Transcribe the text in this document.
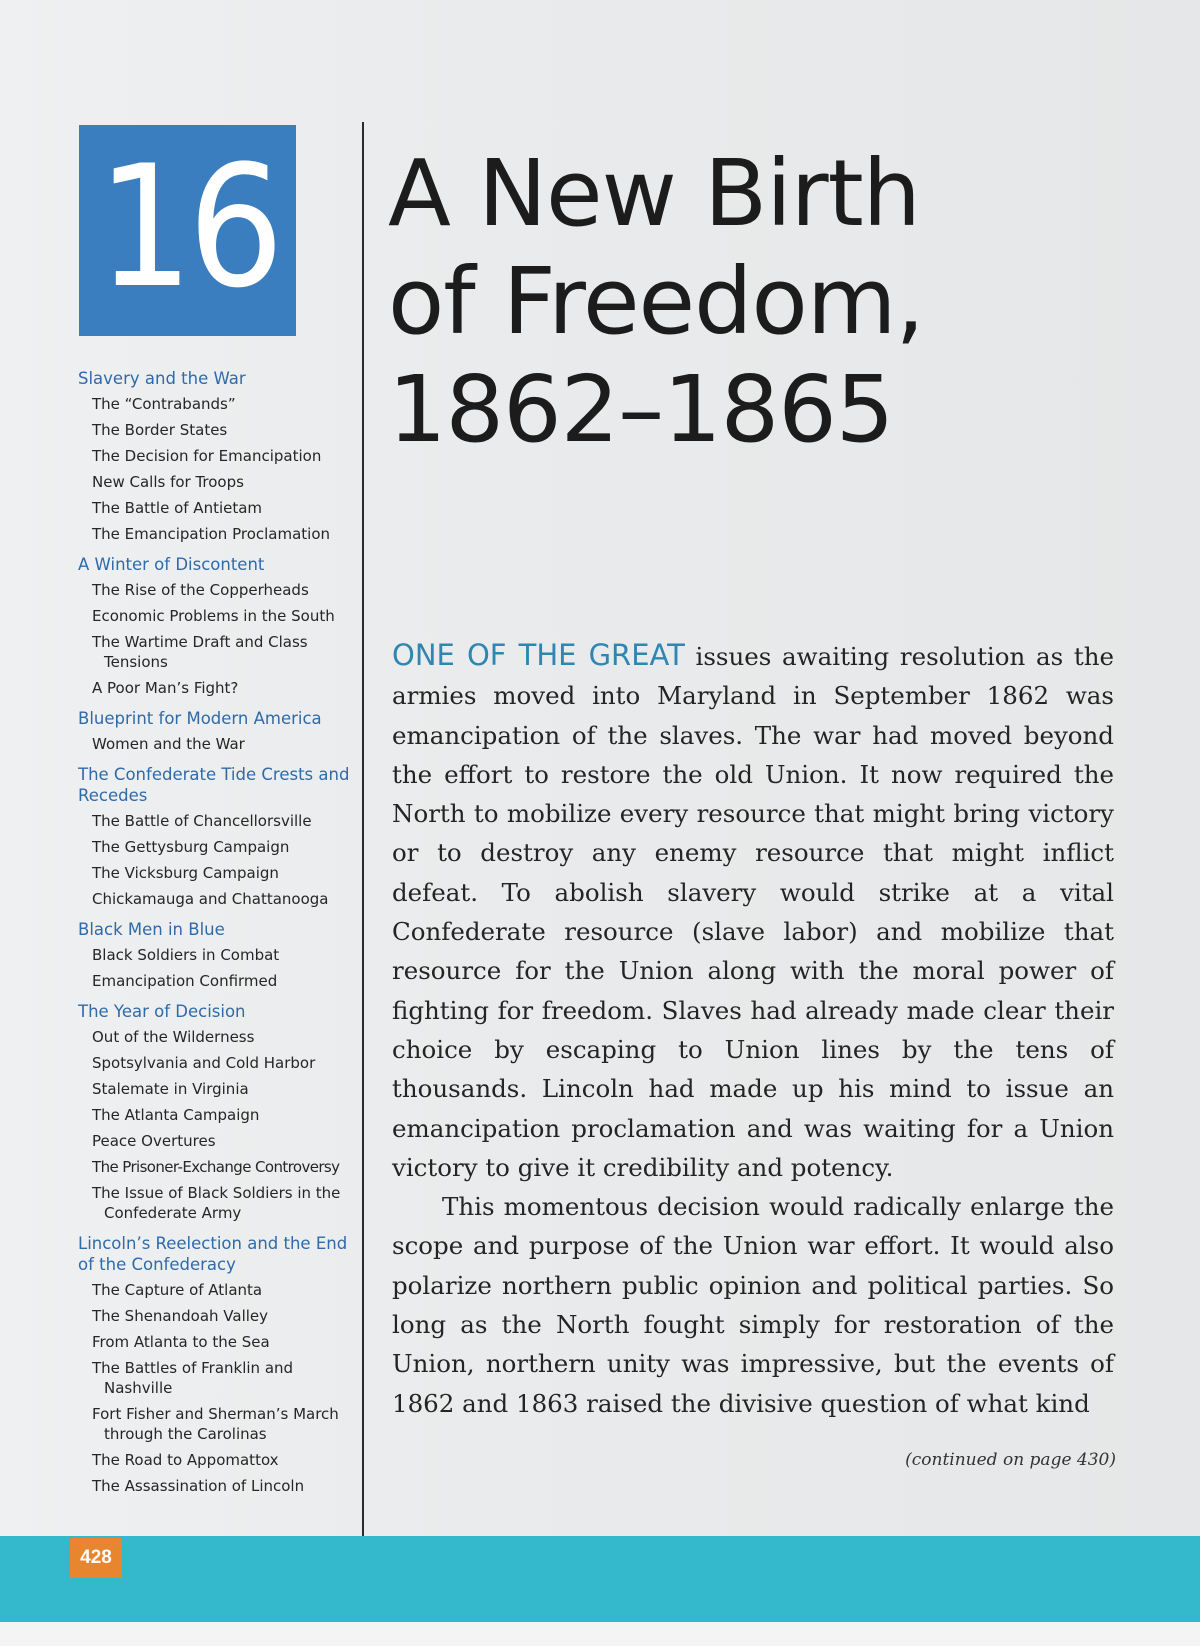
16 A New Birth
of Freedom,
1862–1865
Slavery and the War
The “Contrabands”
The Border States
The Decision for Emancipation
New Calls for Troops
The Battle of Antietam
The Emancipation Proclamation
A Winter of Discontent
The Rise of the Copperheads
Economic Problems in the South
The Wartime Draft and Class Tensions
A Poor Man’s Fight?
Blueprint for Modern America
Women and the War
The Confederate Tide Crests and Recedes
The Battle of Chancellorsville
The Gettysburg Campaign
The Vicksburg Campaign
Chickamauga and Chattanooga
Black Men in Blue
Black Soldiers in Combat
Emancipation Confirmed
The Year of Decision
Out of the Wilderness
Spotsylvania and Cold Harbor
Stalemate in Virginia
The Atlanta Campaign
Peace Overtures
The Prisoner-Exchange Controversy
The Issue of Black Soldiers in the Confederate Army
Lincoln’s Reelection and the End of the Confederacy
The Capture of Atlanta
The Shenandoah Valley
From Atlanta to the Sea
The Battles of Franklin and Nashville
Fort Fisher and Sherman’s March through the Carolinas
The Road to Appomattox
The Assassination of Lincoln

ONE OF THE GREAT issues awaiting resolution as the armies moved into Maryland in September 1862 was emancipation of the slaves. The war had moved beyond the effort to restore the old Union. It now required the North to mobilize every resource that might bring victory or to destroy any enemy resource that might inflict defeat. To abolish slavery would strike at a vital Confederate resource (slave labor) and mobilize that resource for the Union along with the moral power of fighting for freedom. Slaves had already made clear their choice by escaping to Union lines by the tens of thousands. Lincoln had made up his mind to issue an emancipation proclamation and was waiting for a Union victory to give it credibility and potency.

This momentous decision would radically enlarge the scope and purpose of the Union war effort. It would also polarize northern public opinion and political parties. So long as the North fought simply for restoration of the Union, northern unity was impressive, but the events of 1862 and 1863 raised the divisive question of what kind

(continued on page 430)
428
